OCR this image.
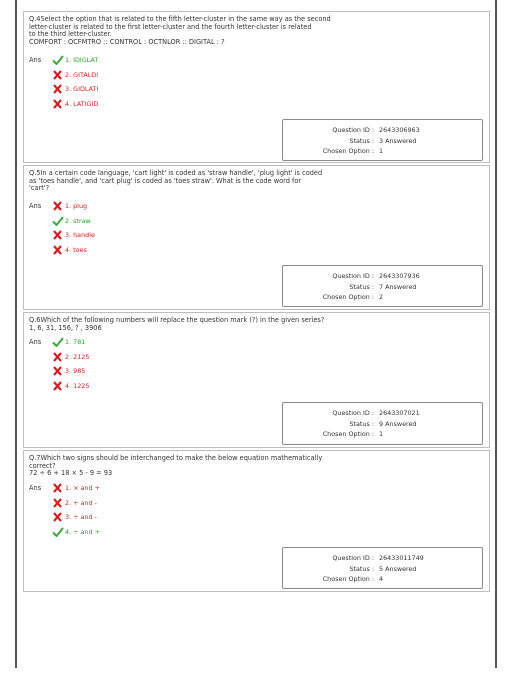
Q.4Select the option that is related to the fifth letter-cluster in the same way as the second
letter-cluster is related to the first letter-cluster and the fourth letter-cluster is related
to the third letter-cluster.
COMFORT : OCFMTRO :: CONTROL : OCTNLOR :: DIGITAL : ?
Ans	1. IDIGLAT
2. GITALDI
3. GIDLATI
4. LATIGID
Question ID : 2643306963
Status : 3 Answered
Chosen Option : 1
Q.5In a certain code language, 'cart light' is coded as 'straw handle', 'plug light' is coded
as 'toes handle', and 'cart plug' is coded as 'toes straw'. What is the code word for
'cart'?
Ans	1. plug
2. straw
3. handle
4. toes
Question ID : 2643307936
Status : 7 Answered
Chosen Option : 2
Q.6Which of the following numbers will replace the question mark (?) in the given series?
1, 6, 31, 156, ? , 3906
Ans	1. 781
2. 2125
3. 985
4. 1225
Question ID : 2643307021
Status : 9 Answered
Chosen Option : 1
Q.7Which two signs should be interchanged to make the below equation mathematically
correct?
72 ÷ 6 + 18 × 5 - 9 = 93
Ans	1. × and +
2. + and -
3. ÷ and -
4. ÷ and +
Question ID : 26433011749
Status : 5 Answered
Chosen Option : 4
